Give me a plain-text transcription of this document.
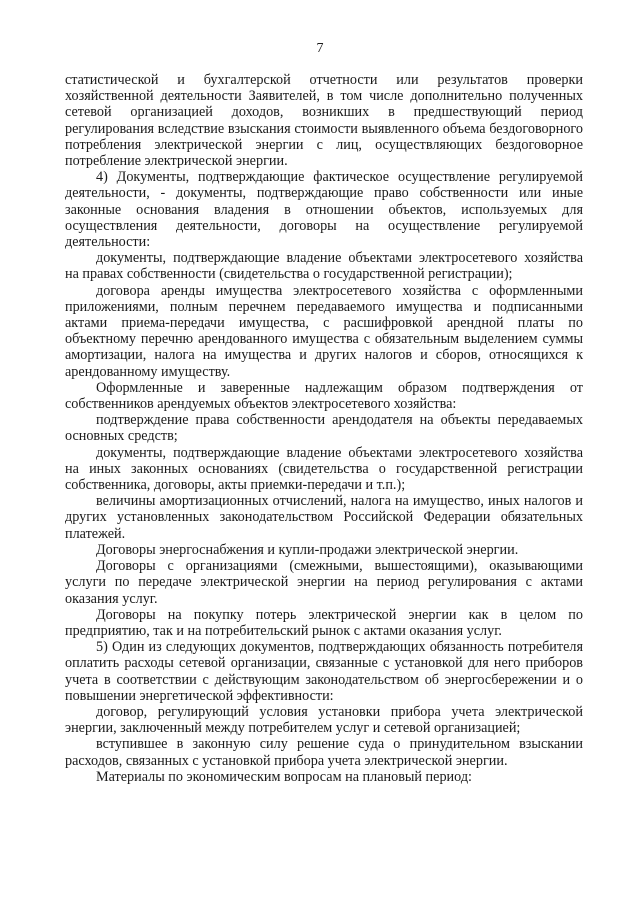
7

статистической и бухгалтерской отчетности или результатов проверки хозяйственной деятельности Заявителей, в том числе дополнительно полученных сетевой организацией доходов, возникших в предшествующий период регулирования вследствие взыскания стоимости выявленного объема бездоговорного потребления электрической энергии с лиц, осуществляющих бездоговорное потребление электрической энергии.

4) Документы, подтверждающие фактическое осуществление регулируемой деятельности, - документы, подтверждающие право собственности или иные законные основания владения в отношении объектов, используемых для осуществления деятельности, договоры на осуществление регулируемой деятельности:

документы, подтверждающие владение объектами электросетевого хозяйства на правах собственности (свидетельства о государственной регистрации);

договора аренды имущества электросетевого хозяйства с оформленными приложениями, полным перечнем передаваемого имущества и подписанными актами приема-передачи имущества, с расшифровкой арендной платы по объектному перечню арендованного имущества с обязательным выделением суммы амортизации, налога на имущества и других налогов и сборов, относящихся к арендованному имуществу.

Оформленные и заверенные надлежащим образом подтверждения от собственников арендуемых объектов электросетевого хозяйства:

подтверждение права собственности арендодателя на объекты передаваемых основных средств;

документы, подтверждающие владение объектами электросетевого хозяйства на иных законных основаниях (свидетельства о государственной регистрации собственника, договоры, акты приемки-передачи и т.п.);

величины амортизационных отчислений, налога на имущество, иных налогов и других установленных законодательством Российской Федерации обязательных платежей.

Договоры энергоснабжения и купли-продажи электрической энергии.

Договоры с организациями (смежными, вышестоящими), оказывающими услуги по передаче электрической энергии на период регулирования с актами оказания услуг.

Договоры на покупку потерь электрической энергии как в целом по предприятию, так и на потребительский рынок с актами оказания услуг.

5) Один из следующих документов, подтверждающих обязанность потребителя оплатить расходы сетевой организации, связанные с установкой для него приборов учета в соответствии с действующим законодательством об энергосбережении и о повышении энергетической эффективности:

договор, регулирующий условия установки прибора учета электрической энергии, заключенный между потребителем услуг и сетевой организацией;

вступившее в законную силу решение суда о принудительном взыскании расходов, связанных с установкой прибора учета электрической энергии.

Материалы по экономическим вопросам на плановый период:
